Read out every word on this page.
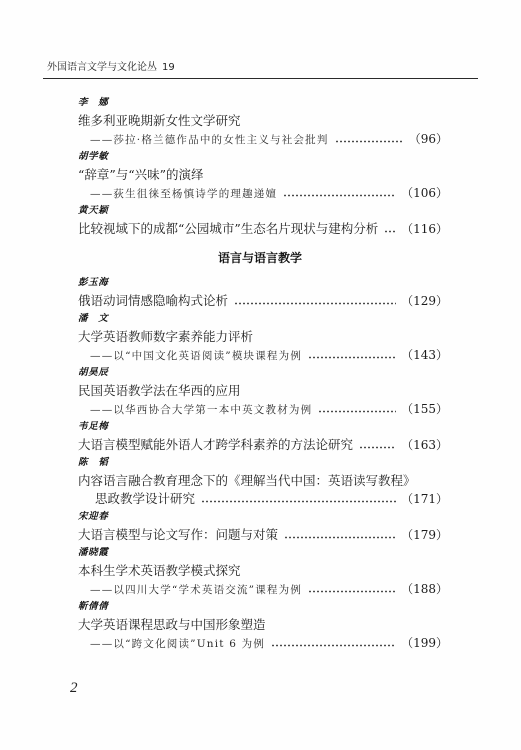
外国语言文学与文化论丛 19
李　娜
维多利亚晚期新女性文学研究
——莎拉·格兰德作品中的女性主义与社会批判	（96）
胡学敏
“辞章”与“兴味”的演绎
——荻生徂徕至杨慎诗学的理趣递嬗	（106）
黄天颖
比较视域下的成都“公园城市”生态名片现状与建构分析 （116）
语言与语言教学
彭玉海
俄语动词情感隐喻构式论析	（129）
潘　文
大学英语教师数字素养能力评析
——以“中国文化英语阅读”模块课程为例	（143）
胡昊辰
民国英语教学法在华西的应用
——以华西协合大学第一本中英文教材为例	（155）
韦足梅
大语言模型赋能外语人才跨学科素养的方法论研究	（163）
陈　韬
内容语言融合教育理念下的《理解当代中国：英语读写教程》
思政教学设计研究	（171）
宋迎春
大语言模型与论文写作：问题与对策	（179）
潘晓霞
本科生学术英语教学模式探究
——以四川大学“学术英语交流”课程为例	（188）
靳倩倩
大学英语课程思政与中国形象塑造
——以“跨文化阅读”Unit 6 为例	（199）
2
